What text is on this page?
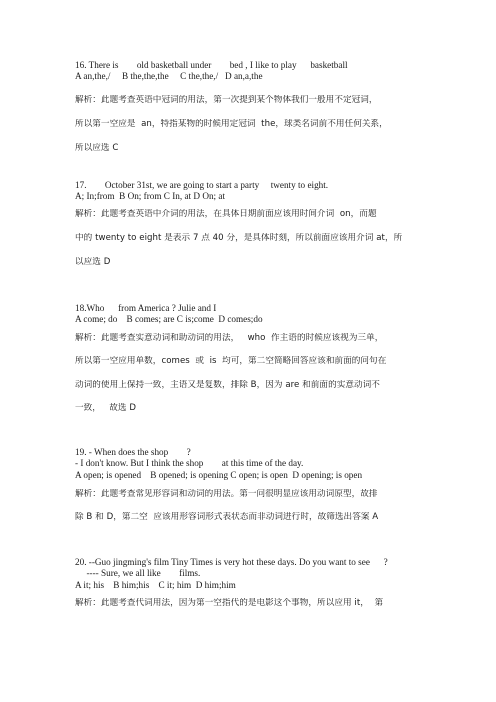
16. There is        old basketball under        bed , I like to play      basketball
A an,the,/     B the,the,the     C the,the,/   D an,a,the
解析：此题考查英语中冠词的用法，第一次提到某个物体我们一般用不定冠词，
所以第一空应是  an，特指某物的时候用定冠词  the，球类名词前不用任何关系，
所以应选 C
17.        October 31st, we are going to start a party     twenty to eight.
A; In;from  B On; from C In, at D On; at
解析：此题考查英语中介词的用法，在具体日期前面应该用时间介词  on，而题
中的 twenty to eight 是表示 7 点 40 分，是具体时刻，所以前面应该用介词 at，所
以应选 D
18.Who      from America ? Julie and I
A come; do    B comes; are C is;come  D comes;do
解析：此题考查实意动词和助动词的用法，   who  作主语的时候应该视为三单，
所以第一空应用单数，comes  或  is  均可，第二空简略回答应该和前面的问句在
动词的使用上保持一致，主语又是复数，排除 B，因为 are 和前面的实意动词不
一致，   故选 D
19. - When does the shop        ?
- I don't know. But I think the shop        at this time of the day.
A open; is opened    B opened; is opening C open; is open  D opening; is open
解析：此题考查常见形容词和动词的用法。第一问很明显应该用动词原型，故排
除 B 和 D，第二空  应该用形容词形式表状态而非动词进行时，故筛选出答案 A
20. --Guo jingming's film Tiny Times is very hot these days. Do you want to see      ?
---- Sure, we all like        films.
A it; his    B him;his    C it; him  D him;him
解析：此题考查代词用法，因为第一空指代的是电影这个事物，所以应用 it，  第
